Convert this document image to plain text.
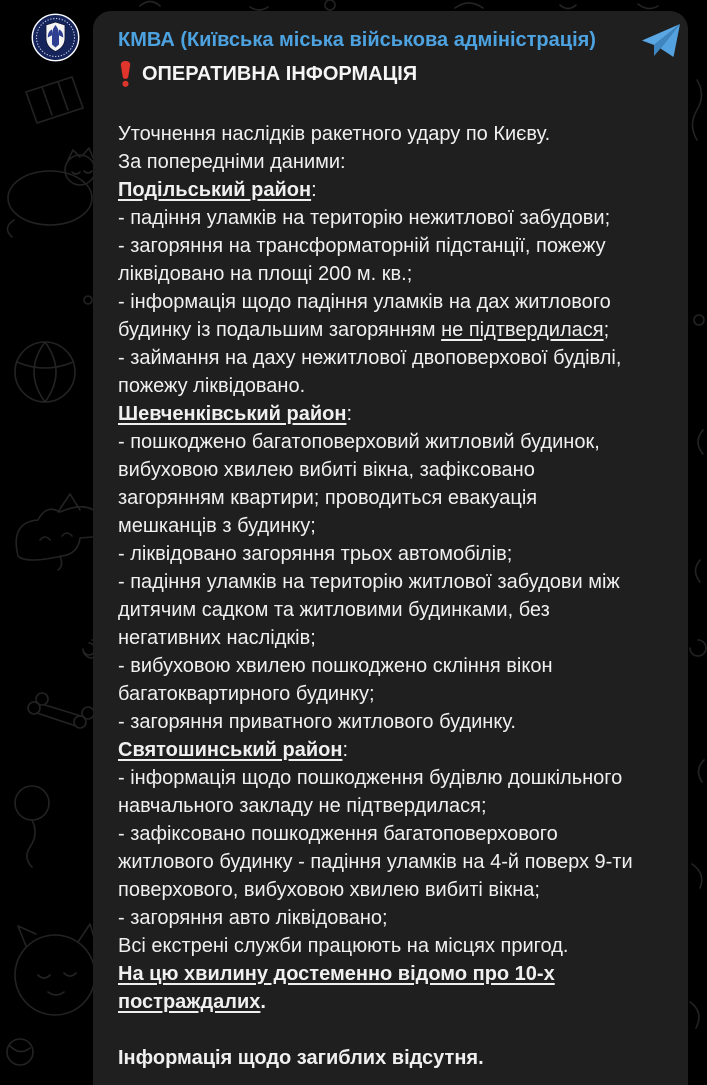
КМВА (Київська міська військова адміністрація)
ОПЕРАТИВНА ІНФОРМАЦІЯ
Уточнення наслідків ракетного удару по Києву.
За попередніми даними:
Подільський район:
- падіння уламків на територію нежитлової забудови;
- загоряння на трансформаторній підстанції, пожежу
ліквідовано на площі 200 м. кв.;
- інформація щодо падіння уламків на дах житлового
будинку із подальшим загорянням не підтвердилася;
- займання на даху нежитлової двоповерхової будівлі,
пожежу ліквідовано.
Шевченківський район:
- пошкоджено багатоповерховий житловий будинок,
вибуховою хвилею вибиті вікна, зафіксовано
загорянням квартири; проводиться евакуація
мешканців з будинку;
- ліквідовано загоряння трьох автомобілів;
- падіння уламків на територію житлової забудови між
дитячим садком та житловими будинками, без
негативних наслідків;
- вибуховою хвилею пошкоджено скління вікон
багатоквартирного будинку;
- загоряння приватного житлового будинку.
Святошинський район:
- інформація щодо пошкодження будівлю дошкільного
навчального закладу не підтвердилася;
- зафіксовано пошкодження багатоповерхового
житлового будинку - падіння уламків на 4-й поверх 9-ти
поверхового, вибуховою хвилею вибиті вікна;
- загоряння авто ліквідовано;
Всі екстрені служби працюють на місцях пригод.
На цю хвилину достеменно відомо про 10-х
постраждалих.
Інформація щодо загиблих відсутня.
